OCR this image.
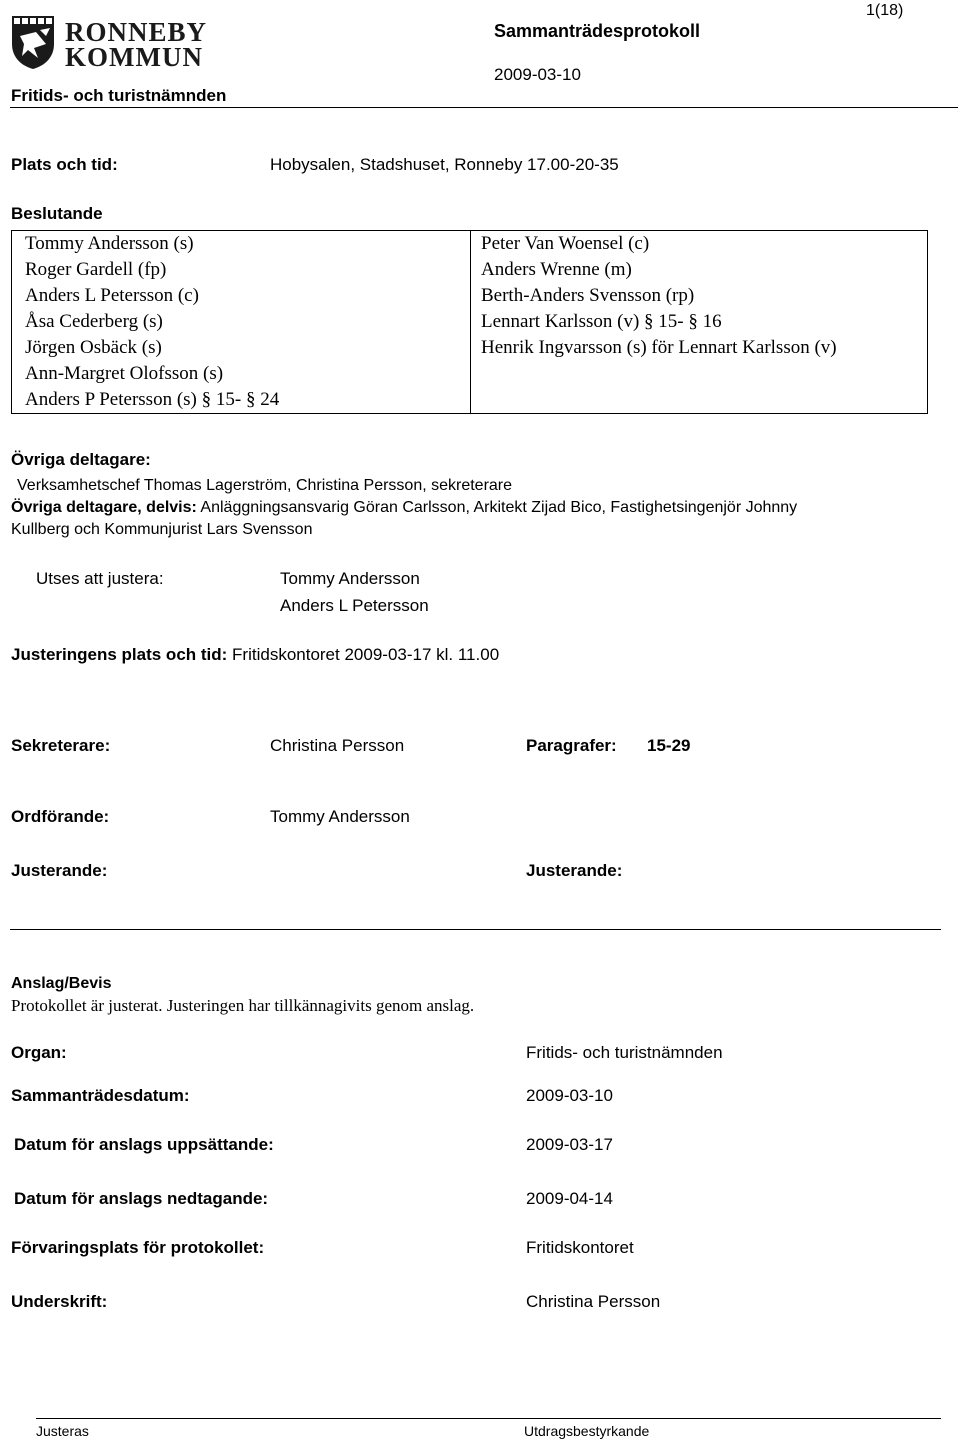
RONNEBY
KOMMUN
1(18)
Sammanträdesprotokoll
2009-03-10
Fritids- och turistnämnden
Plats och tid:	Hobysalen, Stadshuset, Ronneby 17.00-20-35
Beslutande
Tommy Andersson (s)	Peter Van Woensel (c)
Roger Gardell (fp)	Anders Wrenne (m)
Anders L Petersson (c)	Berth-Anders Svensson (rp)
Åsa Cederberg (s)	Lennart Karlsson (v) § 15- § 16
Jörgen Osbäck (s)	Henrik Ingvarsson (s) för Lennart Karlsson (v)
Ann-Margret Olofsson (s)	
Anders P Petersson (s) § 15- § 24	
Övriga deltagare:
Verksamhetschef Thomas Lagerström, Christina Persson, sekreterare
Övriga deltagare, delvis: Anläggningsansvarig Göran Carlsson, Arkitekt Zijad Bico, Fastighetsingenjör Johnny
Kullberg och Kommunjurist Lars Svensson
Utses att justera:	Tommy Andersson
Anders L Petersson
Justeringens plats och tid: Fritidskontoret 2009-03-17 kl. 11.00
Sekreterare:	Christina Persson	Paragrafer: 15-29
Ordförande:	Tommy Andersson
Justerande:	Justerande:
Anslag/Bevis
Protokollet är justerat. Justeringen har tillkännagivits genom anslag.
Organ:	Fritids- och turistnämnden
Sammanträdesdatum:	2009-03-10
Datum för anslags uppsättande:	2009-03-17
Datum för anslags nedtagande:	2009-04-14
Förvaringsplats för protokollet:	Fritidskontoret
Underskrift:	Christina Persson
Justeras	Utdragsbestyrkande
